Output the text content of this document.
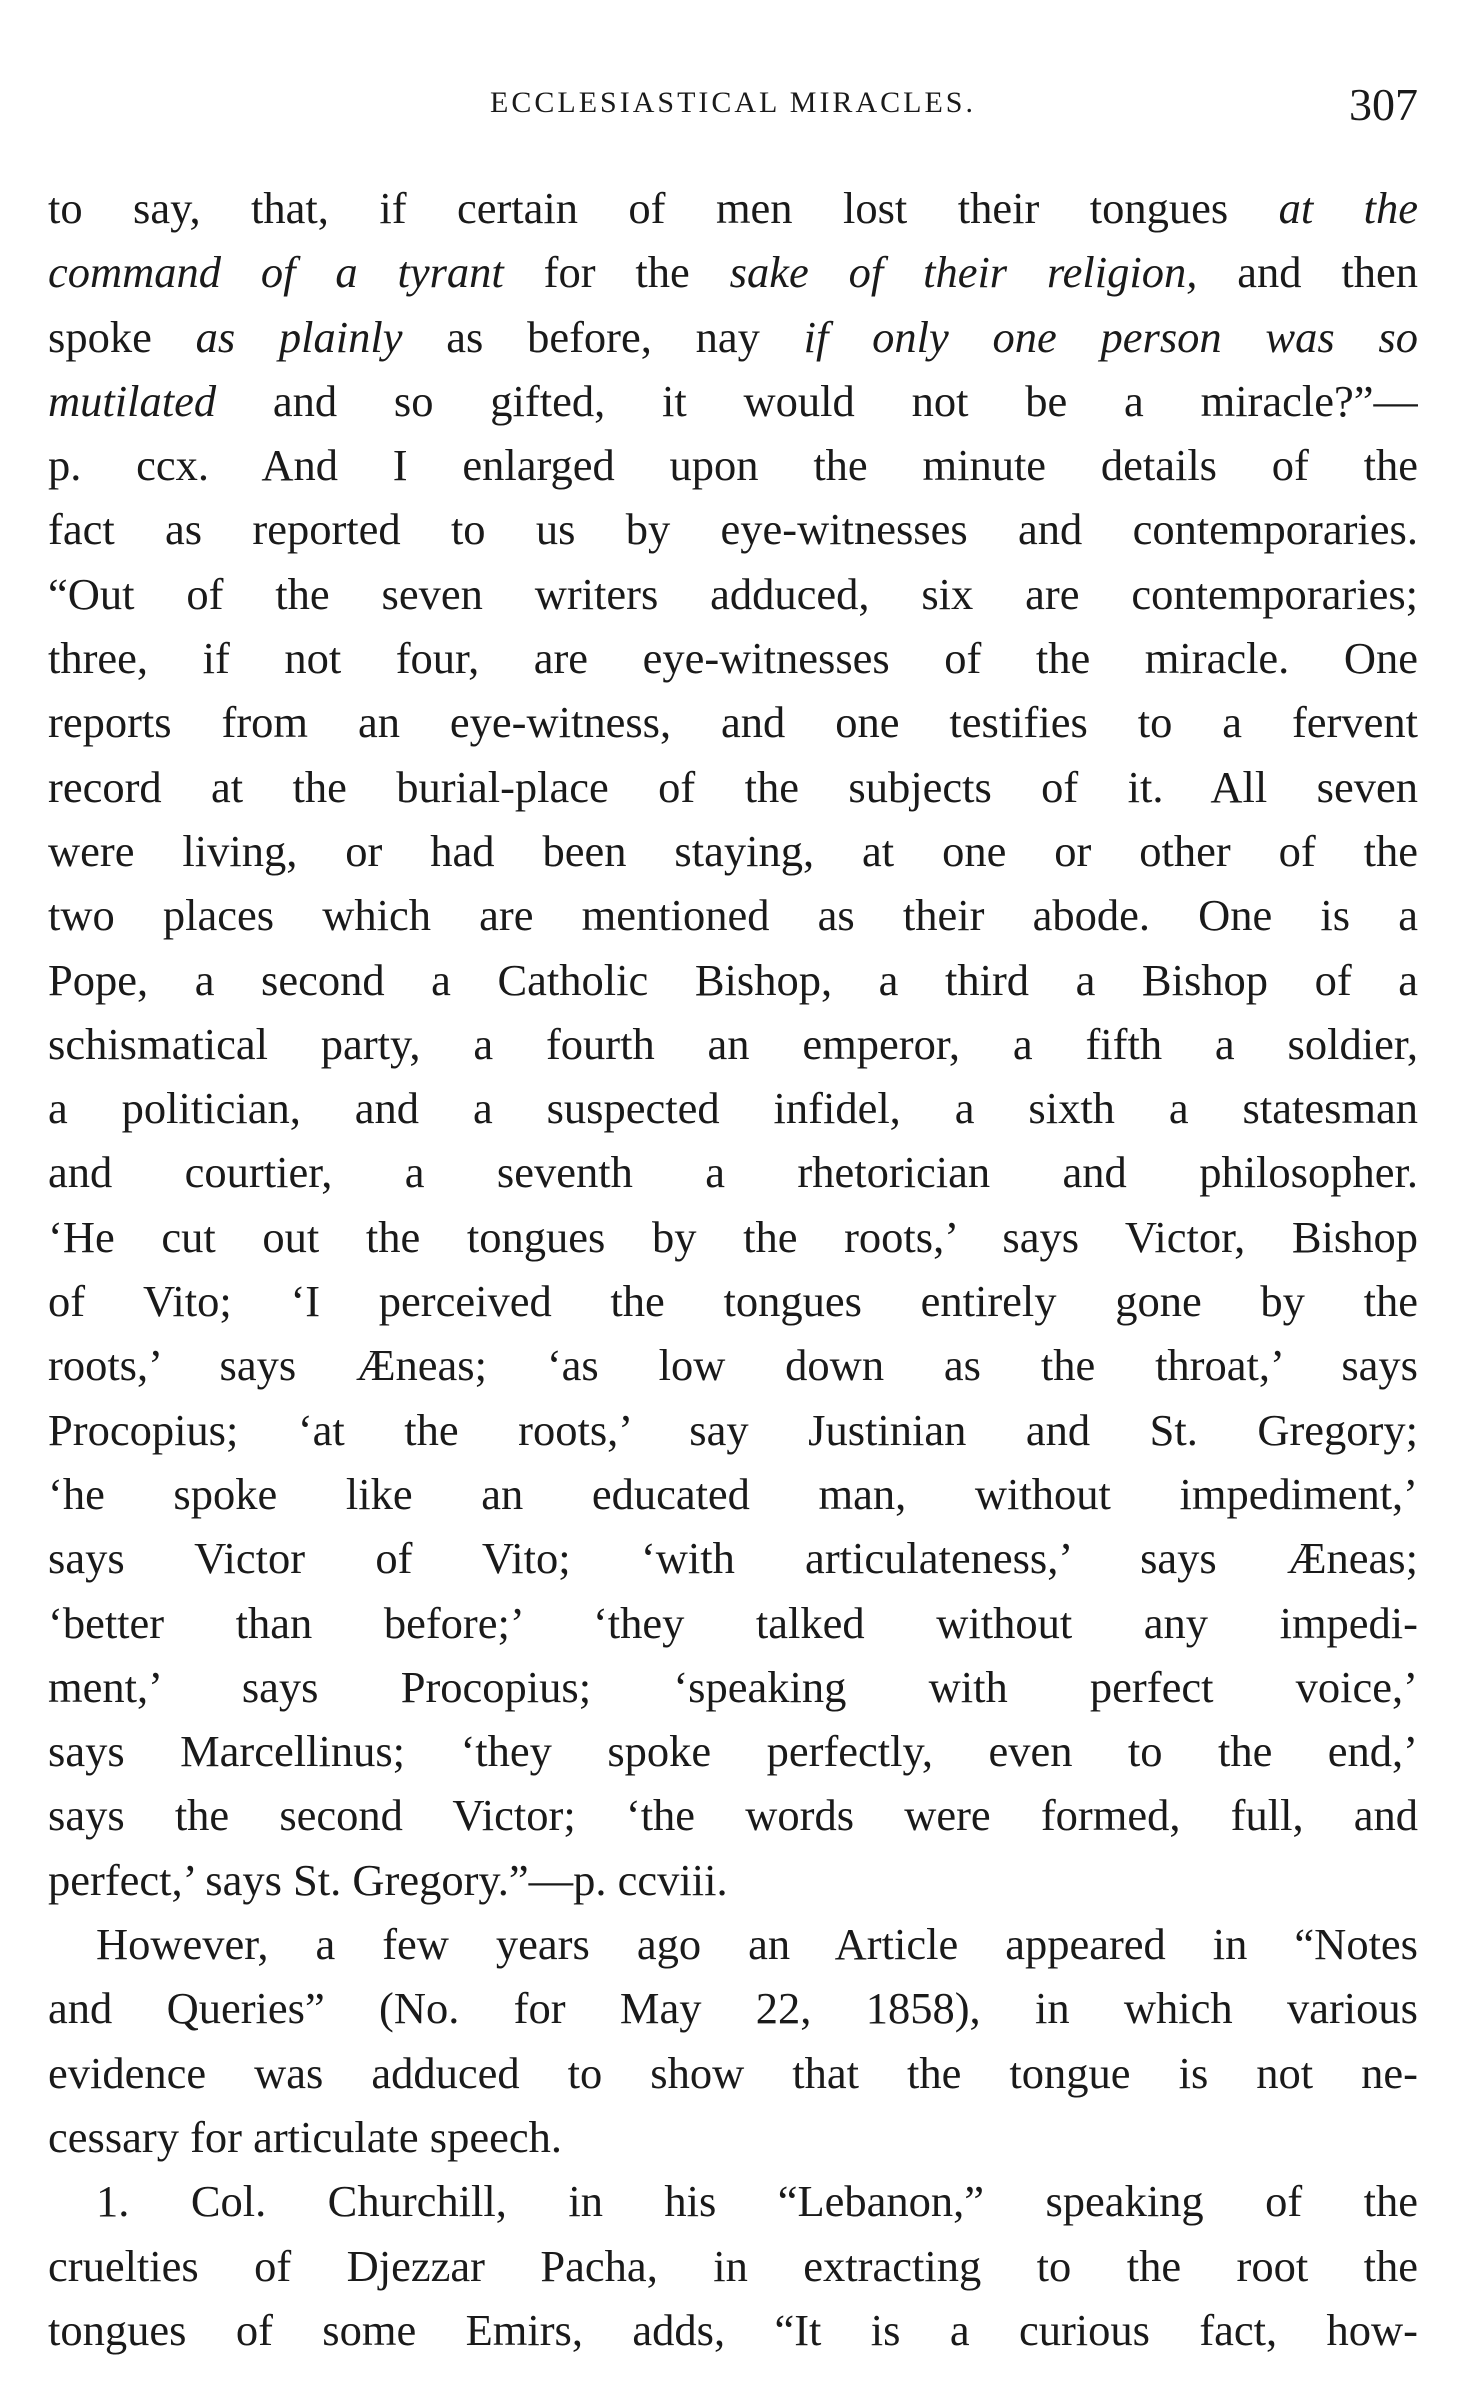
ECCLESIASTICAL MIRACLES.	307
to say, that, if certain of men lost their tongues at the
command of a tyrant for the sake of their religion, and then
spoke as plainly as before, nay if only one person was so
mutilated and so gifted, it would not be a miracle?”—
p. ccx. And I enlarged upon the minute details of the
fact as reported to us by eye-witnesses and contemporaries.
“Out of the seven writers adduced, six are contemporaries;
three, if not four, are eye-witnesses of the miracle. One
reports from an eye-witness, and one testifies to a fervent
record at the burial-place of the subjects of it. All seven
were living, or had been staying, at one or other of the
two places which are mentioned as their abode. One is a
Pope, a second a Catholic Bishop, a third a Bishop of a
schismatical party, a fourth an emperor, a fifth a soldier,
a politician, and a suspected infidel, a sixth a statesman
and courtier, a seventh a rhetorician and philosopher.
‘He cut out the tongues by the roots,’ says Victor, Bishop
of Vito; ‘I perceived the tongues entirely gone by the
roots,’ says Æneas; ‘as low down as the throat,’ says
Procopius; ‘at the roots,’ say Justinian and St. Gregory;
‘he spoke like an educated man, without impediment,’
says Victor of Vito; ‘with articulateness,’ says Æneas;
‘better than before;’ ‘they talked without any impedi-
ment,’ says Procopius; ‘speaking with perfect voice,’
says Marcellinus; ‘they spoke perfectly, even to the end,’
says the second Victor; ‘the words were formed, full, and
perfect,’ says St. Gregory.”—p. ccviii.
However, a few years ago an Article appeared in “Notes
and Queries” (No. for May 22, 1858), in which various
evidence was adduced to show that the tongue is not ne-
cessary for articulate speech.
1. Col. Churchill, in his “Lebanon,” speaking of the
cruelties of Djezzar Pacha, in extracting to the root the
tongues of some Emirs, adds, “It is a curious fact, how-
